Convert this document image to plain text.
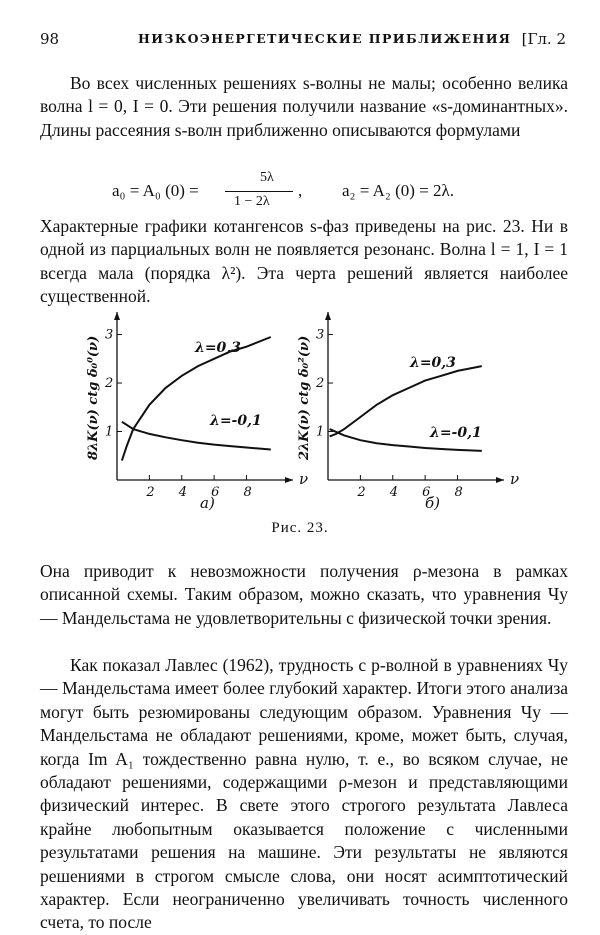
98	НИЗКОЭНЕРГЕТИЧЕСКИЕ ПРИБЛИЖЕНИЯ [Гл. 2

Во всех численных решениях s-волны не малы; особенно велика волна l = 0, I = 0. Эти решения получили название «s-доминантных». Длины рассеяния s-волн приближенно описываются формулами

a₀ = A₀ (0) =
5λ
1 − 2λ
, a₂ = A₂ (0) = 2λ.

Характерные графики котангенсов s-фаз приведены на рис. 23. Ни в одной из парциальных волн не появляется резонанс. Волна l = 1, I = 1 всегда мала (порядка λ²). Эта черта решений является наиболее существенной.

2 4 6 8
1
2
3
ν
8λK(ν) ctg δ₀⁰(ν)	λ=0,3
λ=-0,1
а)
2 4 6 8
1
2
3
ν
2λK(ν) ctg δ₀²(ν)	λ=0,3
λ=-0,1
б)
Рис. 23.

Она приводит к невозможности получения ρ-мезона в рамках описанной схемы. Таким образом, можно сказать, что уравнения Чу — Мандельстама не удовлетворительны с физической точки зрения.

Как показал Лавлес (1962), трудность с p-волной в уравнениях Чу — Мандельстама имеет более глубокий характер. Итоги этого анализа могут быть резюмированы следующим образом. Уравнения Чу — Мандельстама не обладают решениями, кроме, может быть, случая, когда Im A₁ тождественно равна нулю, т. е., во всяком случае, не обладают решениями, содержащими ρ-мезон и представляющими физический интерес. В свете этого строгого результата Лавлеса крайне любопытным оказывается положение с численными результатами решения на машине. Эти результаты не являются решениями в строгом смысле слова, они носят асимптотический характер. Если неограниченно увеличивать точность численного счета, то после
